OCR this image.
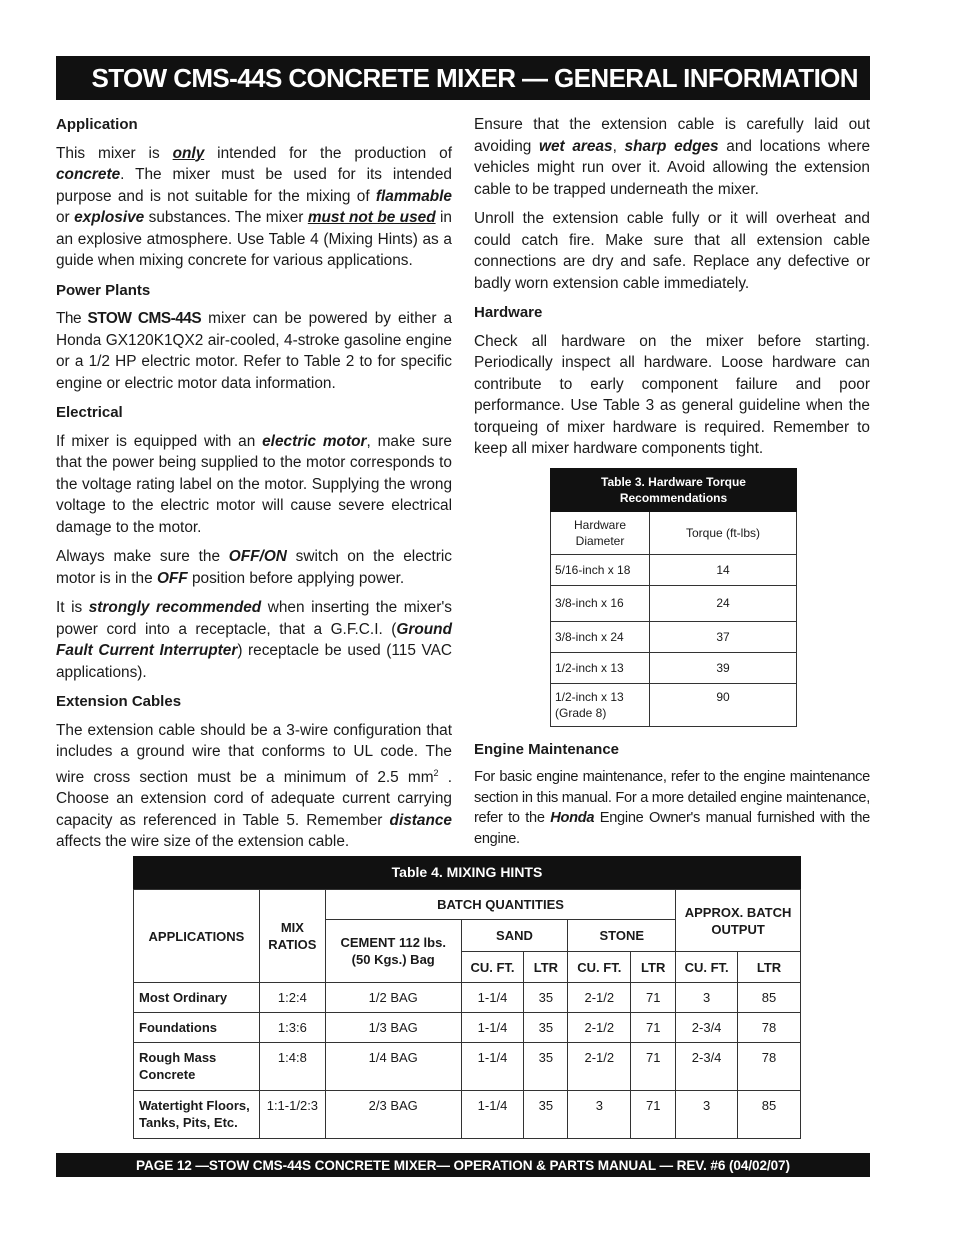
STOW CMS-44S CONCRETE MIXER — GENERAL INFORMATION
Application

This mixer is only intended for the production of concrete. The mixer must be used for its intended purpose and is not suitable for the mixing of flammable or explosive substances. The mixer must not be used in an explosive atmosphere. Use Table 4 (Mixing Hints) as a guide when mixing concrete for various applications.

Power Plants

The STOW CMS-44S mixer can be powered by either a Honda GX120K1QX2 air-cooled, 4-stroke gasoline engine or a 1/2 HP electric motor. Refer to Table 2 to for specific engine or electric motor data information.

Electrical

If mixer is equipped with an electric motor, make sure that the power being supplied to the motor corresponds to the voltage rating label on the motor. Supplying the wrong voltage to the electric motor will cause severe electrical damage to the motor.

Always make sure the OFF/ON switch on the electric motor is in the OFF position before applying power.

It is strongly recommended when inserting the mixer's power cord into a receptacle, that a G.F.C.I. (Ground Fault Current Interrupter) receptacle be used (115 VAC applications).

Extension Cables

The extension cable should be a 3-wire configuration that includes a ground wire that conforms to UL code. The wire cross section must be a minimum of 2.5 $mm^2$ . Choose an extension cord of adequate current carrying capacity as referenced in Table 5. Remember distance affects the wire size of the extension cable.

Ensure that the extension cable is carefully laid out avoiding wet areas, sharp edges and locations where vehicles might run over it. Avoid allowing the extension cable to be trapped underneath the mixer.

Unroll the extension cable fully or it will overheat and could catch fire. Make sure that all extension cable connections are dry and safe. Replace any defective or badly worn extension cable immediately.

Hardware

Check all hardware on the mixer before starting. Periodically inspect all hardware. Loose hardware can contribute to early component failure and poor performance. Use Table 3 as general guideline when the torqueing of mixer hardware is required. Remember to keep all mixer hardware components tight.

Table 3. Hardware Torque Recommendations	
Hardware Diameter	Torque (ft-lbs)
5/16-inch x 18	14
3/8-inch x 16	24
3/8-inch x 24	37
1/2-inch x 13	39
1/2-inch x 13 (Grade 8)	90
Engine Maintenance

For basic engine maintenance, refer to the engine maintenance section in this manual. For a more detailed engine maintenance, refer to the Honda Engine Owner's manual furnished with the engine.

Table 4. MIXING HINTS
APPLICATIONS	MIX RATIOS	BATCH QUANTITIES					APPROX. BATCH OUTPUT	
		CEMENT 112 lbs. (50 Kgs.) Bag	SAND		STONE			
			CU. FT.	LTR	CU. FT.	LTR	CU. FT.	LTR
Most Ordinary	1:2:4	1/2 BAG	1-1/4	35	2-1/2	71	3	85
Foundations	1:3:6	1/3 BAG	1-1/4	35	2-1/2	71	2-3/4	78
Rough Mass Concrete	1:4:8	1/4 BAG	1-1/4	35	2-1/2	71	2-3/4	78
Watertight Floors, Tanks, Pits, Etc.	1:1-1/2:3	2/3 BAG	1-1/4	35	3	71	3	85
PAGE 12 —STOW CMS-44S CONCRETE MIXER— OPERATION & PARTS MANUAL — REV. #6 (04/02/07)
